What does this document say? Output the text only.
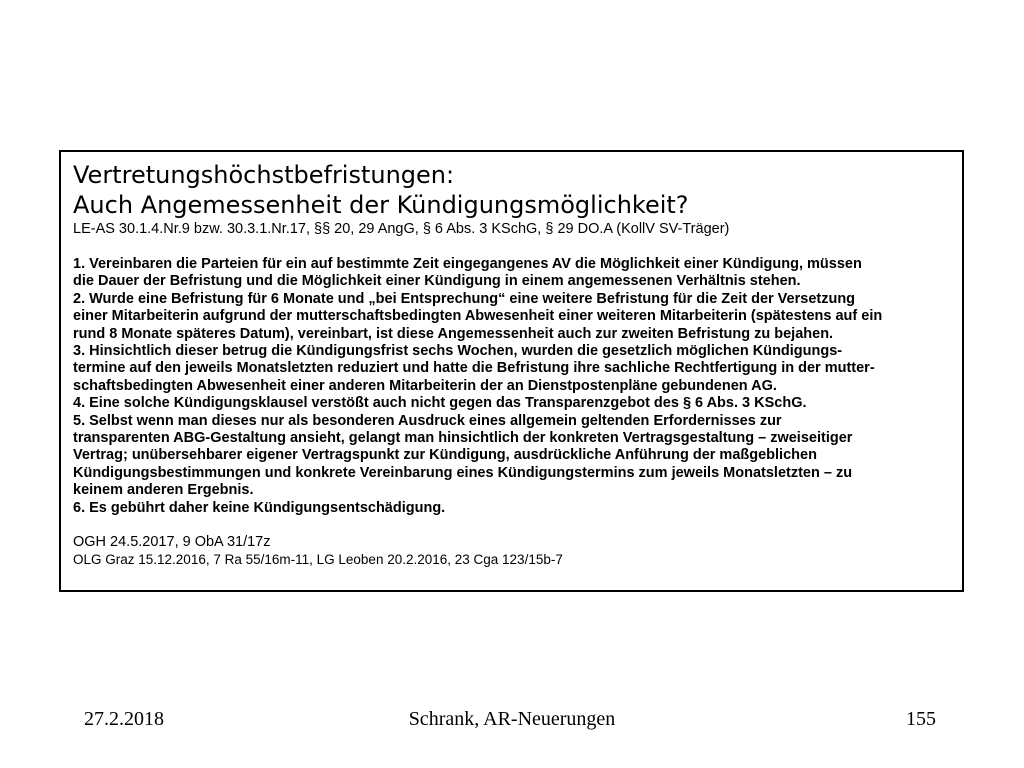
Vertretungshöchstbefristungen:

Auch Angemessenheit der Kündigungsmöglichkeit?

LE-AS 30.1.4.Nr.9 bzw. 30.3.1.Nr.17, §§ 20, 29 AngG, § 6 Abs. 3 KSchG, § 29 DO.A (KollV SV-Träger)

1. Vereinbaren die Parteien für ein auf bestimmte Zeit eingegangenes AV die Möglichkeit einer Kündigung, müssen
die Dauer der Befristung und die Möglichkeit einer Kündigung in einem angemessenen Verhältnis stehen.
2. Wurde eine Befristung für 6 Monate und „bei Entsprechung“ eine weitere Befristung für die Zeit der Versetzung
einer Mitarbeiterin aufgrund der mutterschaftsbedingten Abwesenheit einer weiteren Mitarbeiterin (spätestens auf ein
rund 8 Monate späteres Datum), vereinbart, ist diese Angemessenheit auch zur zweiten Befristung zu bejahen.
3. Hinsichtlich dieser betrug die Kündigungsfrist sechs Wochen, wurden die gesetzlich möglichen Kündigungs-
termine auf den jeweils Monatsletzten reduziert und hatte die Befristung ihre sachliche Rechtfertigung in der mutter-
schaftsbedingten Abwesenheit einer anderen Mitarbeiterin der an Dienstpostenpläne gebundenen AG.
4. Eine solche Kündigungsklausel verstößt auch nicht gegen das Transparenzgebot des § 6 Abs. 3 KSchG.
5. Selbst wenn man dieses nur als besonderen Ausdruck eines allgemein geltenden Erfordernisses zur
transparenten ABG-Gestaltung ansieht, gelangt man hinsichtlich der konkreten Vertragsgestaltung – zweiseitiger
Vertrag; unübersehbarer eigener Vertragspunkt zur Kündigung, ausdrückliche Anführung der maßgeblichen
Kündigungsbestimmungen und konkrete Vereinbarung eines Kündigungstermins zum jeweils Monatsletzten – zu
keinem anderen Ergebnis.
6. Es gebührt daher keine Kündigungsentschädigung.

OGH 24.5.2017, 9 ObA 31/17z

OLG Graz 15.12.2016, 7 Ra 55/16m-11, LG Leoben 20.2.2016, 23 Cga 123/15b-7

27.2.2018	Schrank, AR-Neuerungen	155
